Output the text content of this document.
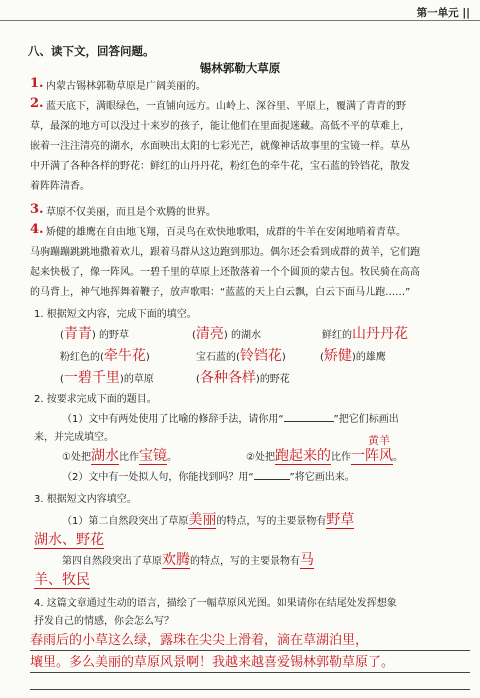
第一单元 ||
八、读下文，回答问题。
锡林郭勒大草原
1. 内蒙古锡林郭勒草原是广阔美丽的。
2. 蓝天底下，满眼绿色，一直铺向远方。山岭上、深谷里、平原上，覆满了青青的野
草，最深的地方可以没过十来岁的孩子，能让他们在里面捉迷藏。高低不平的草难上，
嵌着一注注清亮的湖水，水面映出太阳的七彩光芒，就像神话故事里的宝镜一样。草丛
中开满了各种各样的野花：鲜红的山丹丹花，粉红色的牵牛花，宝石蓝的铃铛花，散发
着阵阵清香。
3. 草原不仅美丽，而且是个欢腾的世界。
4. 矫健的雄鹰在自由地飞翔，百灵鸟在欢快地歌唱，成群的牛羊在安闲地啃着青草。
马驹蹦蹦跳跳地撒着欢儿，跟着马群从这边跑到那边。偶尔还会看到成群的黄羊，它们跑
起来快极了，像一阵风。一碧千里的草原上还散落着一个个圆顶的蒙古包。牧民骑在高高
的马背上，神气地挥舞着鞭子，放声歌唱：“蓝蓝的天上白云飘，白云下面马儿跑……”
1. 根据短文内容，完成下面的填空。
(青青) 的野草	(清亮) 的湖水	鲜红的山丹丹花
粉红色的(牵牛花)	宝石蓝的(铃铛花)	(矫健)的雄鹰
(一碧千里)的草原	(各种各样)的野花
2. 按要求完成下面的题目。
（1）文中有两处使用了比喻的修辞手法，请你用“	”把它们标画出
来，并完成填空。
①处把湖水比作宝镜。
黄羊
②处把跑起来的比作一阵风。
（2）文中有一处拟人句，你能找到吗？用“	”将它画出来。
3. 根据短文内容填空。
（1）第二自然段突出了草原美丽的特点，写的主要景物有野草
湖水、野花
第四自然段突出了草原欢腾的特点，写的主要景物有马
羊、牧民
4. 这篇文章通过生动的语言，描绘了一幅草原风光图。如果请你在结尾处发挥想象
抒发自己的情感，你会怎么写？
春雨后的小草这么绿，露珠在尖尖上滑着，滴在草湖泊里，
壤里。多么美丽的草原风景啊！我越来越喜爱锡林郭勒草原了。
